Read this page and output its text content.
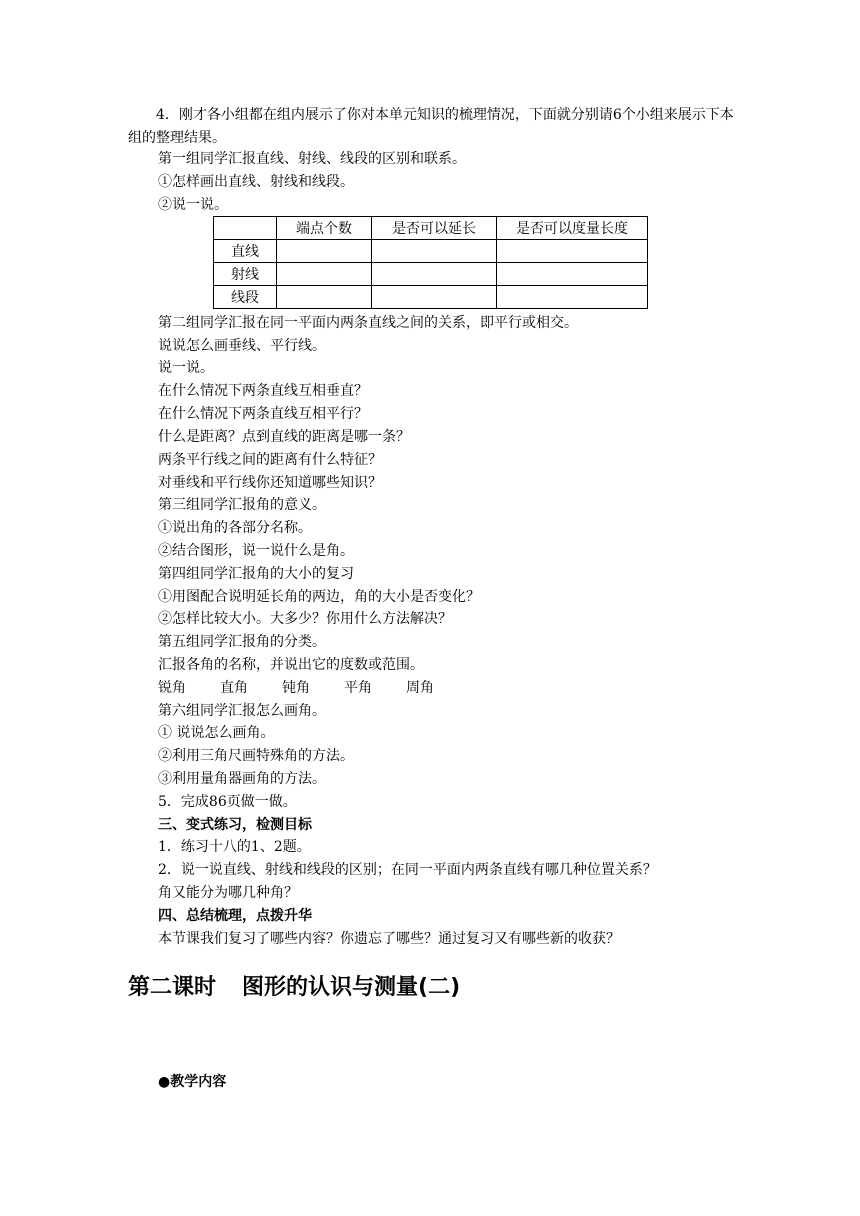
4．刚才各小组都在组内展示了你对本单元知识的梳理情况，下面就分别请6个小组来展示下本组的整理结果。
第一组同学汇报直线、射线、线段的区别和联系。
①怎样画出直线、射线和线段。
②说一说。
	端点个数	是否可以延长	是否可以度量长度
直线			
射线			
线段			
第二组同学汇报在同一平面内两条直线之间的关系，即平行或相交。
说说怎么画垂线、平行线。
说一说。
在什么情况下两条直线互相垂直？
在什么情况下两条直线互相平行？
什么是距离？点到直线的距离是哪一条？
两条平行线之间的距离有什么特征？
对垂线和平行线你还知道哪些知识？
第三组同学汇报角的意义。
①说出角的各部分名称。
②结合图形，说一说什么是角。
第四组同学汇报角的大小的复习
①用图配合说明延长角的两边，角的大小是否变化？
②怎样比较大小。大多少？你用什么方法解决？
第五组同学汇报角的分类。
汇报各角的名称，并说出它的度数或范围。
锐角 直角 钝角 平角 周角
第六组同学汇报怎么画角。
① 说说怎么画角。
②利用三角尺画特殊角的方法。
③利用量角器画角的方法。
5．完成86页做一做。
三、变式练习，检测目标
1．练习十八的1、2题。
2．说一说直线、射线和线段的区别；在同一平面内两条直线有哪几种位置关系？
角又能分为哪几种角？
四、总结梳理，点拨升华
本节课我们复习了哪些内容？你遗忘了哪些？通过复习又有哪些新的收获？
第二课时 图形的认识与测量(二)
●教学内容
